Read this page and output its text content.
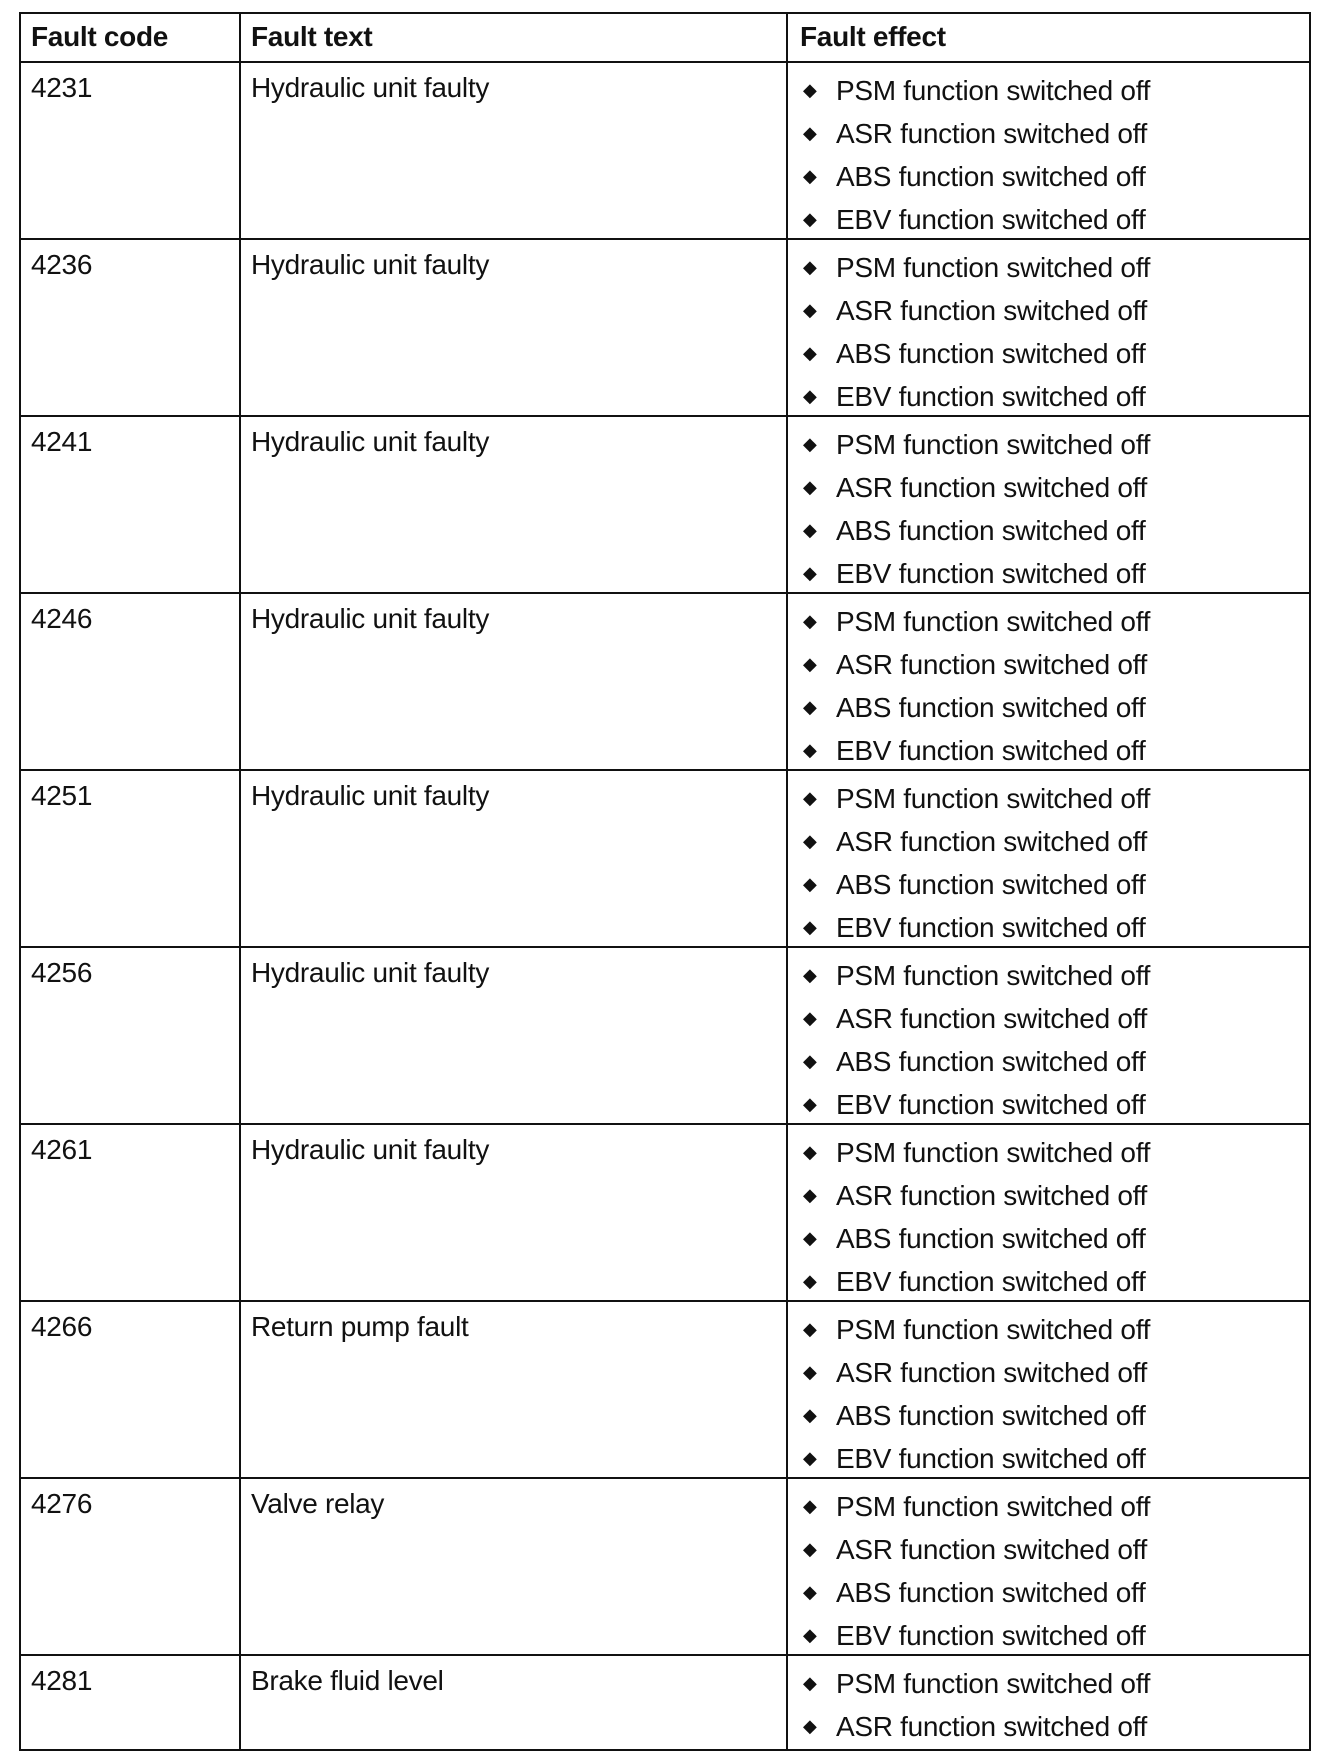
Fault code	Fault text	Fault effect
4231	Hydraulic unit faulty	◆ PSM function switched off
◆ ASR function switched off
◆ ABS function switched off
◆ EBV function switched off
4236	Hydraulic unit faulty	◆ PSM function switched off
◆ ASR function switched off
◆ ABS function switched off
◆ EBV function switched off
4241	Hydraulic unit faulty	◆ PSM function switched off
◆ ASR function switched off
◆ ABS function switched off
◆ EBV function switched off
4246	Hydraulic unit faulty	◆ PSM function switched off
◆ ASR function switched off
◆ ABS function switched off
◆ EBV function switched off
4251	Hydraulic unit faulty	◆ PSM function switched off
◆ ASR function switched off
◆ ABS function switched off
◆ EBV function switched off
4256	Hydraulic unit faulty	◆ PSM function switched off
◆ ASR function switched off
◆ ABS function switched off
◆ EBV function switched off
4261	Hydraulic unit faulty	◆ PSM function switched off
◆ ASR function switched off
◆ ABS function switched off
◆ EBV function switched off
4266	Return pump fault	◆ PSM function switched off
◆ ASR function switched off
◆ ABS function switched off
◆ EBV function switched off
4276	Valve relay	◆ PSM function switched off
◆ ASR function switched off
◆ ABS function switched off
◆ EBV function switched off
4281	Brake fluid level	◆ PSM function switched off
◆ ASR function switched off
